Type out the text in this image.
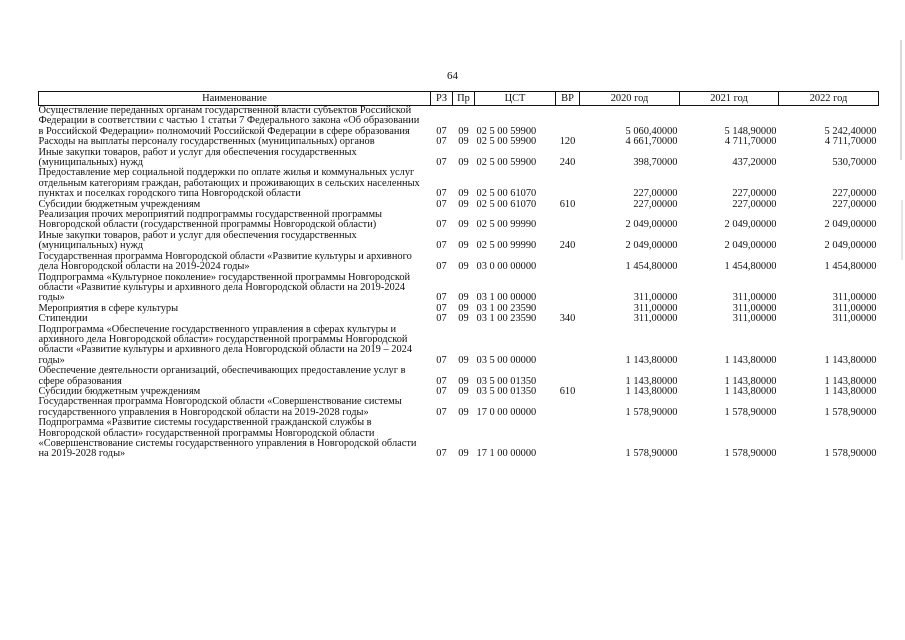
64
Наименование	РЗ	Пр	ЦСТ	ВР	2020 год	2021 год	2022 год
Осуществление переданных органам государственной власти субъектов Российской Федерации в соответствии с частью 1 статьи 7 Федерального закона «Об образовании в Российской Федерации» полномочий Российской Федерации в сфере образования	07	09	02 5 00 59900		5 060,40000	5 148,90000	5 242,40000
Расходы на выплаты персоналу государственных (муниципальных) органов	07	09	02 5 00 59900	120	4 661,70000	4 711,70000	4 711,70000
Иные закупки товаров, работ и услуг для обеспечения государственных (муниципальных) нужд	07	09	02 5 00 59900	240	398,70000	437,20000	530,70000
Предоставление мер социальной поддержки по оплате жилья и коммунальных услуг отдельным категориям граждан, работающих и проживающих в сельских населенных пунктах и поселках городского типа Новгородской области	07	09	02 5 00 61070		227,00000	227,00000	227,00000
Субсидии бюджетным учреждениям	07	09	02 5 00 61070	610	227,00000	227,00000	227,00000
Реализация прочих мероприятий подпрограммы государственной программы Новгородской области (государственной программы Новгородской области)	07	09	02 5 00 99990		2 049,00000	2 049,00000	2 049,00000
Иные закупки товаров, работ и услуг для обеспечения государственных (муниципальных) нужд	07	09	02 5 00 99990	240	2 049,00000	2 049,00000	2 049,00000
Государственная программа Новгородской области «Развитие культуры и архивного дела Новгородской области на 2019-2024 годы»	07	09	03 0 00 00000		1 454,80000	1 454,80000	1 454,80000
Подпрограмма «Культурное поколение» государственной программы Новгородской области «Развитие культуры и архивного дела Новгородской области на 2019-2024 годы»	07	09	03 1 00 00000		311,00000	311,00000	311,00000
Мероприятия в сфере культуры	07	09	03 1 00 23590		311,00000	311,00000	311,00000
Стипендии	07	09	03 1 00 23590	340	311,00000	311,00000	311,00000
Подпрограмма «Обеспечение государственного управления в сферах культуры и архивного дела Новгородской области» государственной программы Новгородской области «Развитие культуры и архивного дела Новгородской области на 2019 – 2024 годы»	07	09	03 5 00 00000		1 143,80000	1 143,80000	1 143,80000
Обеспечение деятельности организаций, обеспечивающих предоставление услуг в сфере образования	07	09	03 5 00 01350		1 143,80000	1 143,80000	1 143,80000
Субсидии бюджетным учреждениям	07	09	03 5 00 01350	610	1 143,80000	1 143,80000	1 143,80000
Государственная программа Новгородской области «Совершенствование системы государственного управления в Новгородской области на 2019-2028 годы»	07	09	17 0 00 00000		1 578,90000	1 578,90000	1 578,90000
Подпрограмма «Развитие системы государственной гражданской службы в Новгородской области» государственной программы Новгородской области «Совершенствование системы государственного управления в Новгородской области на 2019-2028 годы»	07	09	17 1 00 00000		1 578,90000	1 578,90000	1 578,90000
